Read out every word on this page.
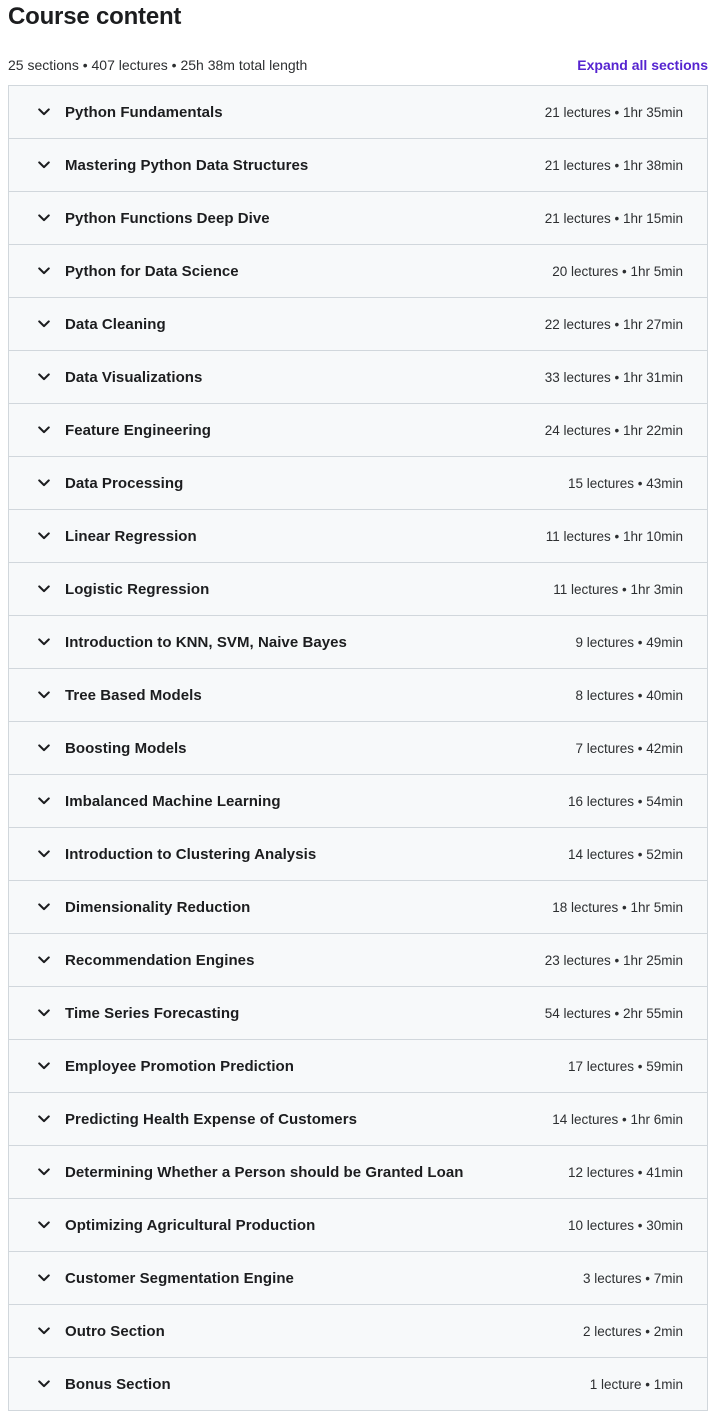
Course content
25 sections • 407 lectures • 25h 38m total length	Expand all sections
Python Fundamentals	21 lectures • 1hr 35min
Mastering Python Data Structures	21 lectures • 1hr 38min
Python Functions Deep Dive	21 lectures • 1hr 15min
Python for Data Science	20 lectures • 1hr 5min
Data Cleaning	22 lectures • 1hr 27min
Data Visualizations	33 lectures • 1hr 31min
Feature Engineering	24 lectures • 1hr 22min
Data Processing	15 lectures • 43min
Linear Regression	11 lectures • 1hr 10min
Logistic Regression	11 lectures • 1hr 3min
Introduction to KNN, SVM, Naive Bayes	9 lectures • 49min
Tree Based Models	8 lectures • 40min
Boosting Models	7 lectures • 42min
Imbalanced Machine Learning	16 lectures • 54min
Introduction to Clustering Analysis	14 lectures • 52min
Dimensionality Reduction	18 lectures • 1hr 5min
Recommendation Engines	23 lectures • 1hr 25min
Time Series Forecasting	54 lectures • 2hr 55min
Employee Promotion Prediction	17 lectures • 59min
Predicting Health Expense of Customers	14 lectures • 1hr 6min
Determining Whether a Person should be Granted Loan	12 lectures • 41min
Optimizing Agricultural Production	10 lectures • 30min
Customer Segmentation Engine	3 lectures • 7min
Outro Section	2 lectures • 2min
Bonus Section	1 lecture • 1min
